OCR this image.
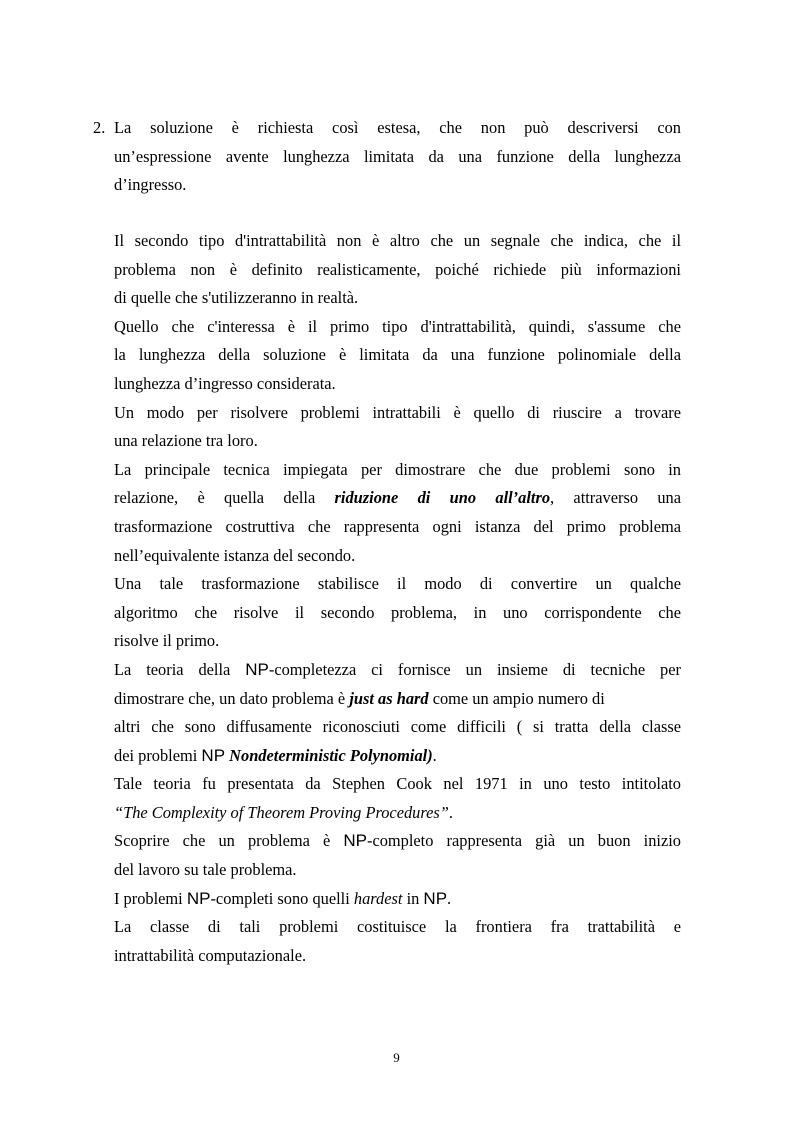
2. La soluzione è richiesta così estesa, che non può descriversi con
un’espressione avente lunghezza limitata da una funzione della lunghezza
d’ingresso.
Il secondo tipo d'intrattabilità non è altro che un segnale che indica, che il
problema non è definito realisticamente, poiché richiede più informazioni
di quelle che s'utilizzeranno in realtà.
Quello che c'interessa è il primo tipo d'intrattabilità, quindi, s'assume che
la lunghezza della soluzione è limitata da una funzione polinomiale della
lunghezza d’ingresso considerata.
Un modo per risolvere problemi intrattabili è quello di riuscire a trovare
una relazione tra loro.
La principale tecnica impiegata per dimostrare che due problemi sono in
relazione, è quella della riduzione di uno all’altro, attraverso una
trasformazione costruttiva che rappresenta ogni istanza del primo problema
nell’equivalente istanza del secondo.
Una tale trasformazione stabilisce il modo di convertire un qualche
algoritmo che risolve il secondo problema, in uno corrispondente che
risolve il primo.
La teoria della NP-completezza ci fornisce un insieme di tecniche per
dimostrare che, un dato problema è just as hard come un ampio numero di
altri che sono diffusamente riconosciuti come difficili ( si tratta della classe
dei problemi NP Nondeterministic Polynomial).
Tale teoria fu presentata da Stephen Cook nel 1971 in uno testo intitolato
“The Complexity of Theorem Proving Procedures”.
Scoprire che un problema è NP-completo rappresenta già un buon inizio
del lavoro su tale problema.
I problemi NP-completi sono quelli hardest in NP.
La classe di tali problemi costituisce la frontiera fra trattabilità e
intrattabilità computazionale.
9
